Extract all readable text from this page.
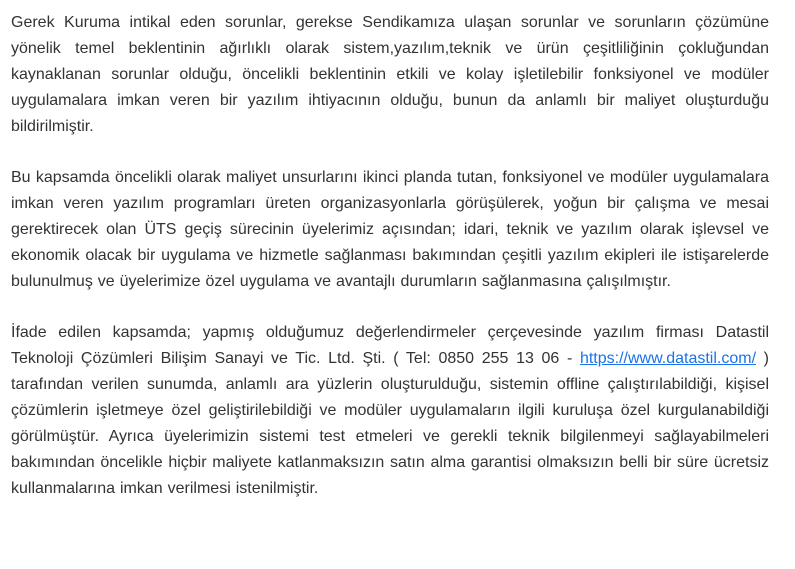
Gerek Kuruma intikal eden sorunlar, gerekse Sendikamıza ulaşan sorunlar ve sorunların çözümüne yönelik temel beklentinin ağırlıklı olarak sistem,yazılım,teknik ve ürün çeşitliliğinin çokluğundan kaynaklanan sorunlar olduğu, öncelikli beklentinin etkili ve kolay işletilebilir fonksiyonel ve modüler uygulamalara imkan veren bir yazılım ihtiyacının olduğu, bunun da anlamlı bir maliyet oluşturduğu bildirilmiştir.

Bu kapsamda öncelikli olarak maliyet unsurlarını ikinci planda tutan, fonksiyonel ve modüler uygulamalara imkan veren yazılım programları üreten organizasyonlarla görüşülerek, yoğun bir çalışma ve mesai gerektirecek olan ÜTS geçiş sürecinin üyelerimiz açısından; idari, teknik ve yazılım olarak işlevsel ve ekonomik olacak bir uygulama ve hizmetle sağlanması bakımından çeşitli yazılım ekipleri ile istişarelerde bulunulmuş ve üyelerimize özel uygulama ve avantajlı durumların sağlanmasına çalışılmıştır.

İfade edilen kapsamda; yapmış olduğumuz değerlendirmeler çerçevesinde yazılım firması Datastil Teknoloji Çözümleri Bilişim Sanayi ve Tic. Ltd. Şti. ( Tel: 0850 255 13 06 - https://www.datastil.com/ ) tarafından verilen sunumda, anlamlı ara yüzlerin oluşturulduğu, sistemin offline çalıştırılabildiği, kişisel çözümlerin işletmeye özel geliştirilebildiği ve modüler uygulamaların ilgili kuruluşa özel kurgulanabildiği görülmüştür. Ayrıca üyelerimizin sistemi test etmeleri ve gerekli teknik bilgilenmeyi sağlayabilmeleri bakımından öncelikle hiçbir maliyete katlanmaksızın satın alma garantisi olmaksızın belli bir süre ücretsiz kullanmalarına imkan verilmesi istenilmiştir.
